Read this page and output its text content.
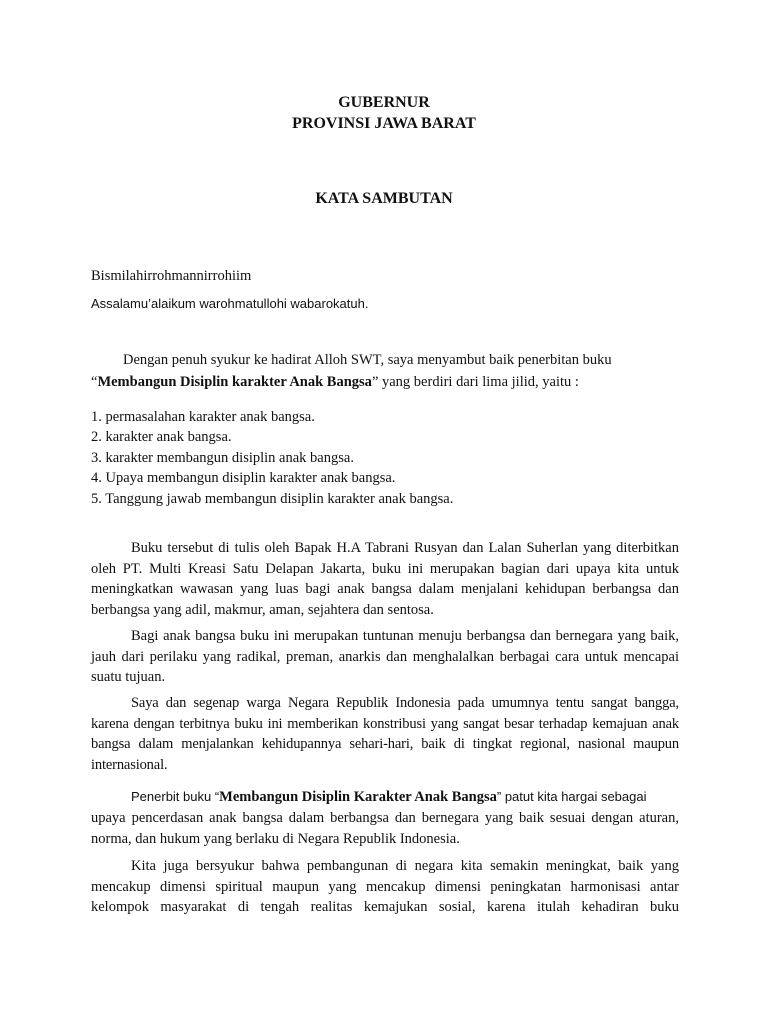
GUBERNUR
PROVINSI JAWA BARAT
KATA SAMBUTAN
Bismilahirrohmannirrohiim
Assalamu’alaikum warohmatullohi wabarokatuh.
Dengan penuh syukur ke hadirat Alloh SWT, saya menyambut baik penerbitan buku
“Membangun Disiplin karakter Anak Bangsa” yang berdiri dari lima jilid, yaitu :
1. permasalahan karakter anak bangsa.
2. karakter anak bangsa.
3. karakter membangun disiplin anak bangsa.
4. Upaya membangun disiplin karakter anak bangsa.
5. Tanggung jawab membangun disiplin karakter anak bangsa.
Buku tersebut di tulis oleh Bapak H.A Tabrani Rusyan dan Lalan Suherlan yang diterbitkan oleh PT. Multi Kreasi Satu Delapan Jakarta, buku ini merupakan bagian dari upaya kita untuk meningkatkan wawasan yang luas bagi anak bangsa dalam menjalani kehidupan berbangsa dan berbangsa yang adil, makmur, aman, sejahtera dan sentosa.
Bagi anak bangsa buku ini merupakan tuntunan menuju berbangsa dan bernegara yang baik, jauh dari perilaku yang radikal, preman, anarkis dan menghalalkan berbagai cara untuk mencapai suatu tujuan.
Saya dan segenap warga Negara Republik Indonesia pada umumnya tentu sangat bangga, karena dengan terbitnya buku ini memberikan konstribusi yang sangat besar terhadap kemajuan anak bangsa dalam menjalankan kehidupannya sehari-hari, baik di tingkat regional, nasional maupun internasional.
Penerbit buku “Membangun Disiplin Karakter Anak Bangsa” patut kita hargai sebagai
upaya pencerdasan anak bangsa dalam berbangsa dan bernegara yang baik sesuai dengan aturan, norma, dan hukum yang berlaku di Negara Republik Indonesia.
Kita juga bersyukur bahwa pembangunan di negara kita semakin meningkat, baik yang mencakup dimensi spiritual maupun yang mencakup dimensi peningkatan harmonisasi antar kelompok masyarakat di tengah realitas kemajukan sosial, karena itulah kehadiran buku
